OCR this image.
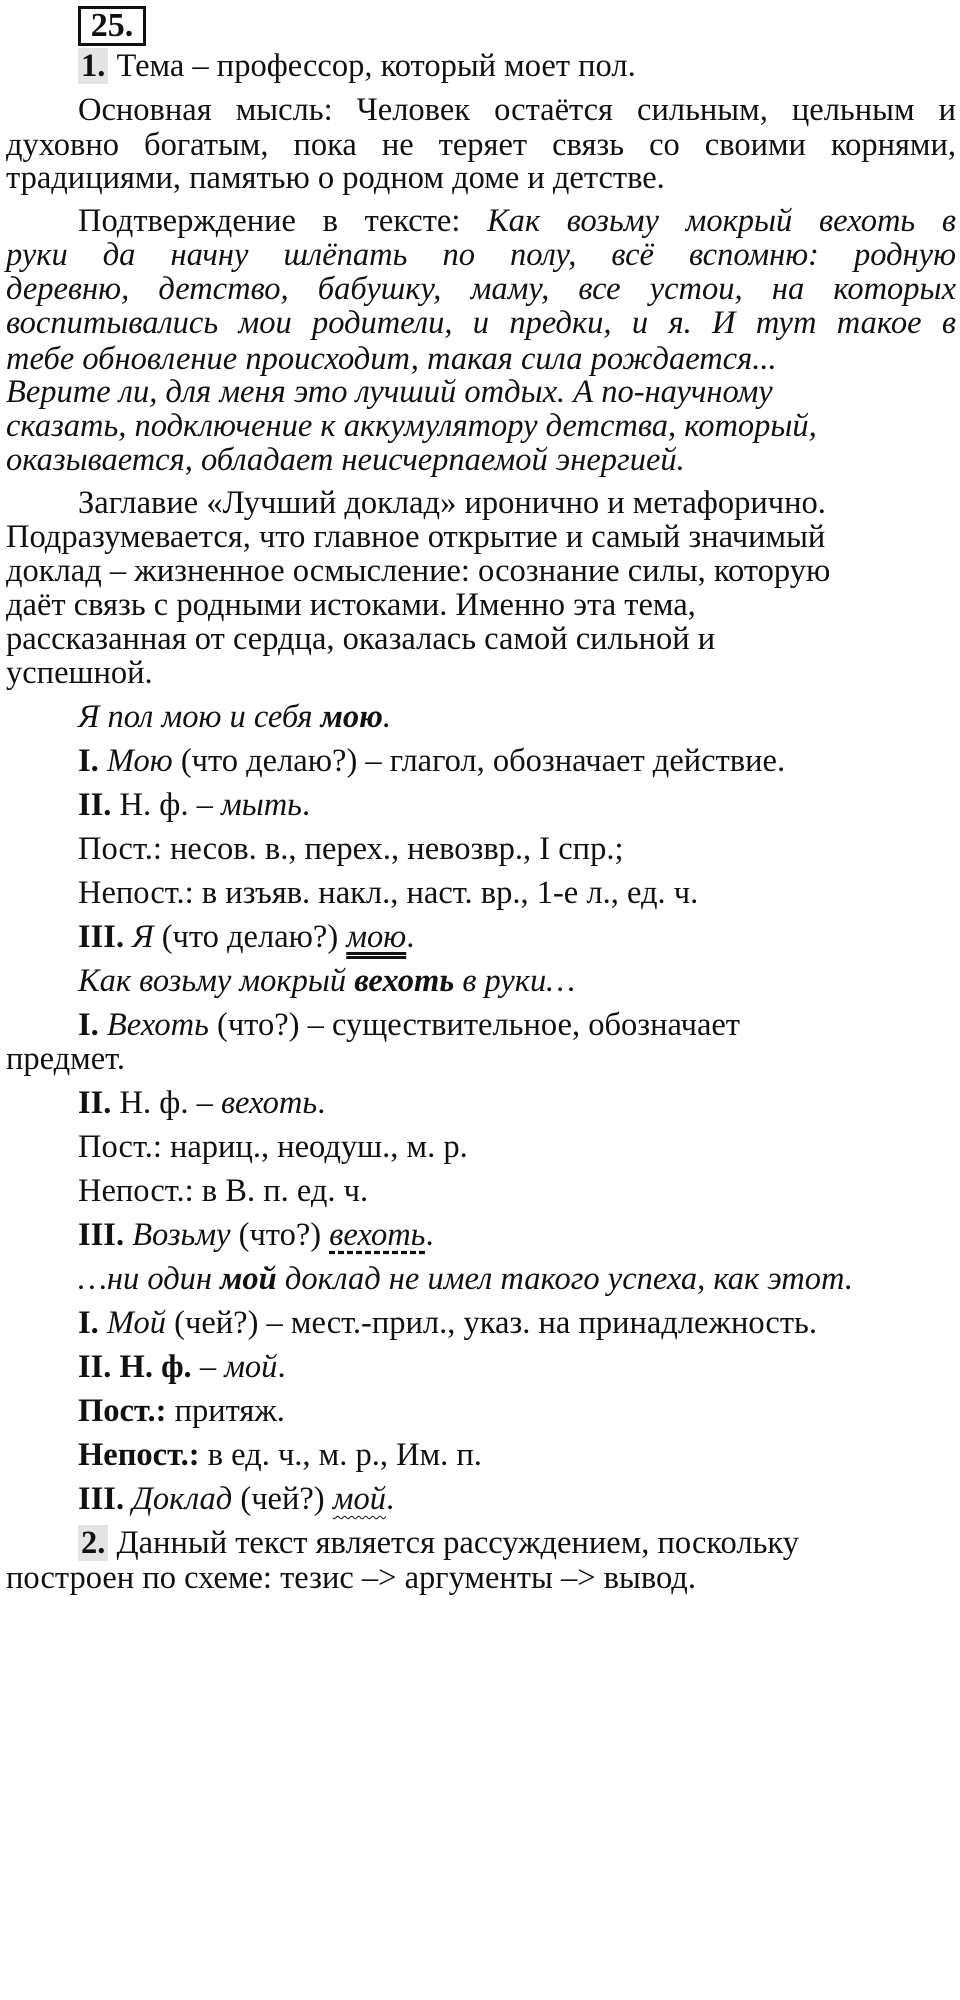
25.
1. Тема – профессор, который моет пол.
Основная мысль: Человек остаётся сильным, цельным и
духовно богатым, пока не теряет связь со своими корнями,
традициями, памятью о родном доме и детстве.
Подтверждение в тексте: Как возьму мокрый вехоть в
руки да начну шлёпать по полу, всё вспомню: родную
деревню, детство, бабушку, маму, все устои, на которых
воспитывались мои родители, и предки, и я. И тут такое в
тебе обновление происходит, такая сила рождается...
Верите ли, для меня это лучший отдых. А по-научному
сказать, подключение к аккумулятору детства, который,
оказывается, обладает неисчерпаемой энергией.
Заглавие «Лучший доклад» иронично и метафорично.
Подразумевается, что главное открытие и самый значимый
доклад – жизненное осмысление: осознание силы, которую
даёт связь с родными истоками. Именно эта тема,
рассказанная от сердца, оказалась самой сильной и
успешной.
Я пол мою и себя мою.
I. Мою (что делаю?) – глагол, обозначает действие.
II. Н. ф. – мыть.
Пост.: несов. в., перех., невозвр., I спр.;
Непост.: в изъяв. накл., наст. вр., 1-е л., ед. ч.
III. Я (что делаю?) мою.
Как возьму мокрый вехоть в руки…
I. Вехоть (что?) – существительное, обозначает
предмет.
II. Н. ф. – вехоть.
Пост.: нариц., неодуш., м. р.
Непост.: в В. п. ед. ч.
III. Возьму (что?) вехоть.
…ни один мой доклад не имел такого успеха, как этот.
I. Мой (чей?) – мест.-прил., указ. на принадлежность.
II. Н. ф. – мой.
Пост.: притяж.
Непост.: в ед. ч., м. р., Им. п.
III. Доклад (чей?) мой.
2. Данный текст является рассуждением, поскольку
построен по схеме: тезис –> аргументы –> вывод.
